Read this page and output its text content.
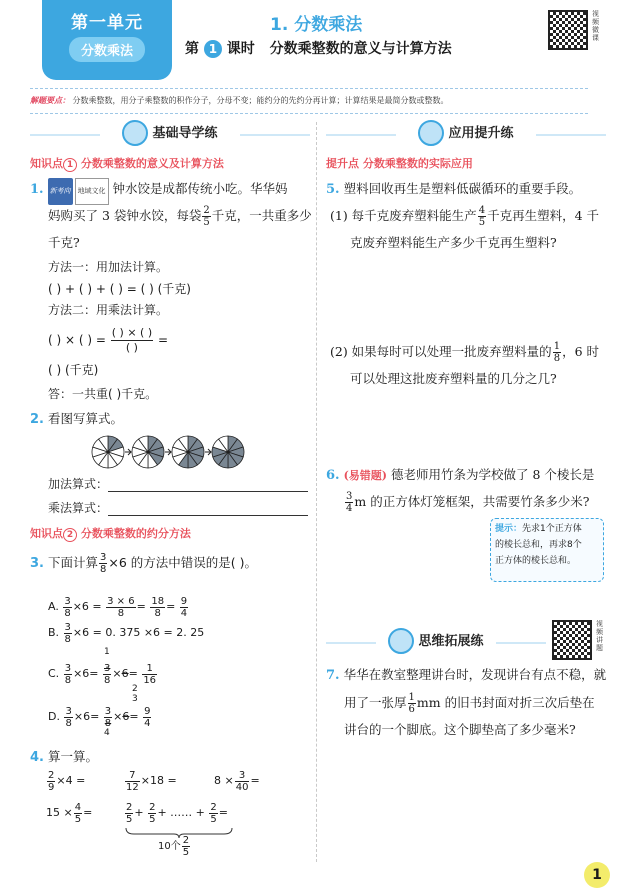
第一单元
分数乘法
1. 分数乘法
第 1 课时 分数乘整数的意义与计算方法
视频微课
解题要点： 分数乘整数，用分子乘整数的积作分子，分母不变；能约分的先约分再计算；计算结果是最简分数或整数。
基础导学练
知识点 1 分数乘整数的意义及计算方法
1. 新考向 地域文化 钟水饺是成都传统小吃。华华妈
妈购买了 3 袋钟水饺，每袋 $\frac{2}{5}$ 千克，一共重多少
千克?
方法一：用加法计算。
( ) + ( ) + ( ) = ( ) (千克)
方法二：用乘法计算。
( ) × ( ) = $\frac{( ) \times ( )}{( )}$ =
( ) (千克)
答：一共重( )千克。
2. 看图写算式。
加法算式：
乘法算式：
知识点 2 分数乘整数的约分方法
3. 下面计算 $\frac{3}{8} \times 6$ 的方法中错误的是( )。
A. $\frac{3}{8} \times 6 = \frac{3 \times 6}{8} = \frac{18}{8} = \frac{9}{4}$
B. $\frac{3}{8} \times 6 = 0$. 375 ×6 = 2. 25
1
C. $\frac{3}{8} \times 6= \frac{3}{8} \times 6= \frac{1}{16}$
2
D. $\frac{3}{8} \times 6= \frac{3}{8} \times 6= \frac{9}{4}$
3
4
4. 算一算。
$\frac{2}{9} \times 4$ =	$\frac{7}{12} \times 18$ =	$8 \times \frac{3}{40}$ =
$15 \times \frac{4}{5}$ =	$\frac{2}{5} + \frac{2}{5}$ + …… + $\frac{2}{5}$ =
10个 $\frac{2}{5}$
应用提升练
提升点 分数乘整数的实际应用
5. 塑料回收再生是塑料低碳循环的重要手段。
(1) 每千克废弃塑料能生产 $\frac{4}{5}$ 千克再生塑料，4 千
克废弃塑料能生产多少千克再生塑料?
(2) 如果每时可以处理一批废弃塑料量的 $\frac{1}{8}$ ，6 时
可以处理这批废弃塑料量的几分之几?
6. (易错题) 德老师用竹条为学校做了 8 个棱长是
$\frac{3}{4}$ m 的正方体灯笼框架，共需要竹条多少米?
提示：先求1个正方体
的棱长总和，再求8个
正方体的棱长总和。
思维拓展练
视频讲题
7. 华华在教室整理讲台时，发现讲台有点不稳，就
用了一张厚 $\frac{1}{6}$ mm 的旧书封面对折三次后垫在
讲台的一个脚底。这个脚垫高了多少毫米?
1
